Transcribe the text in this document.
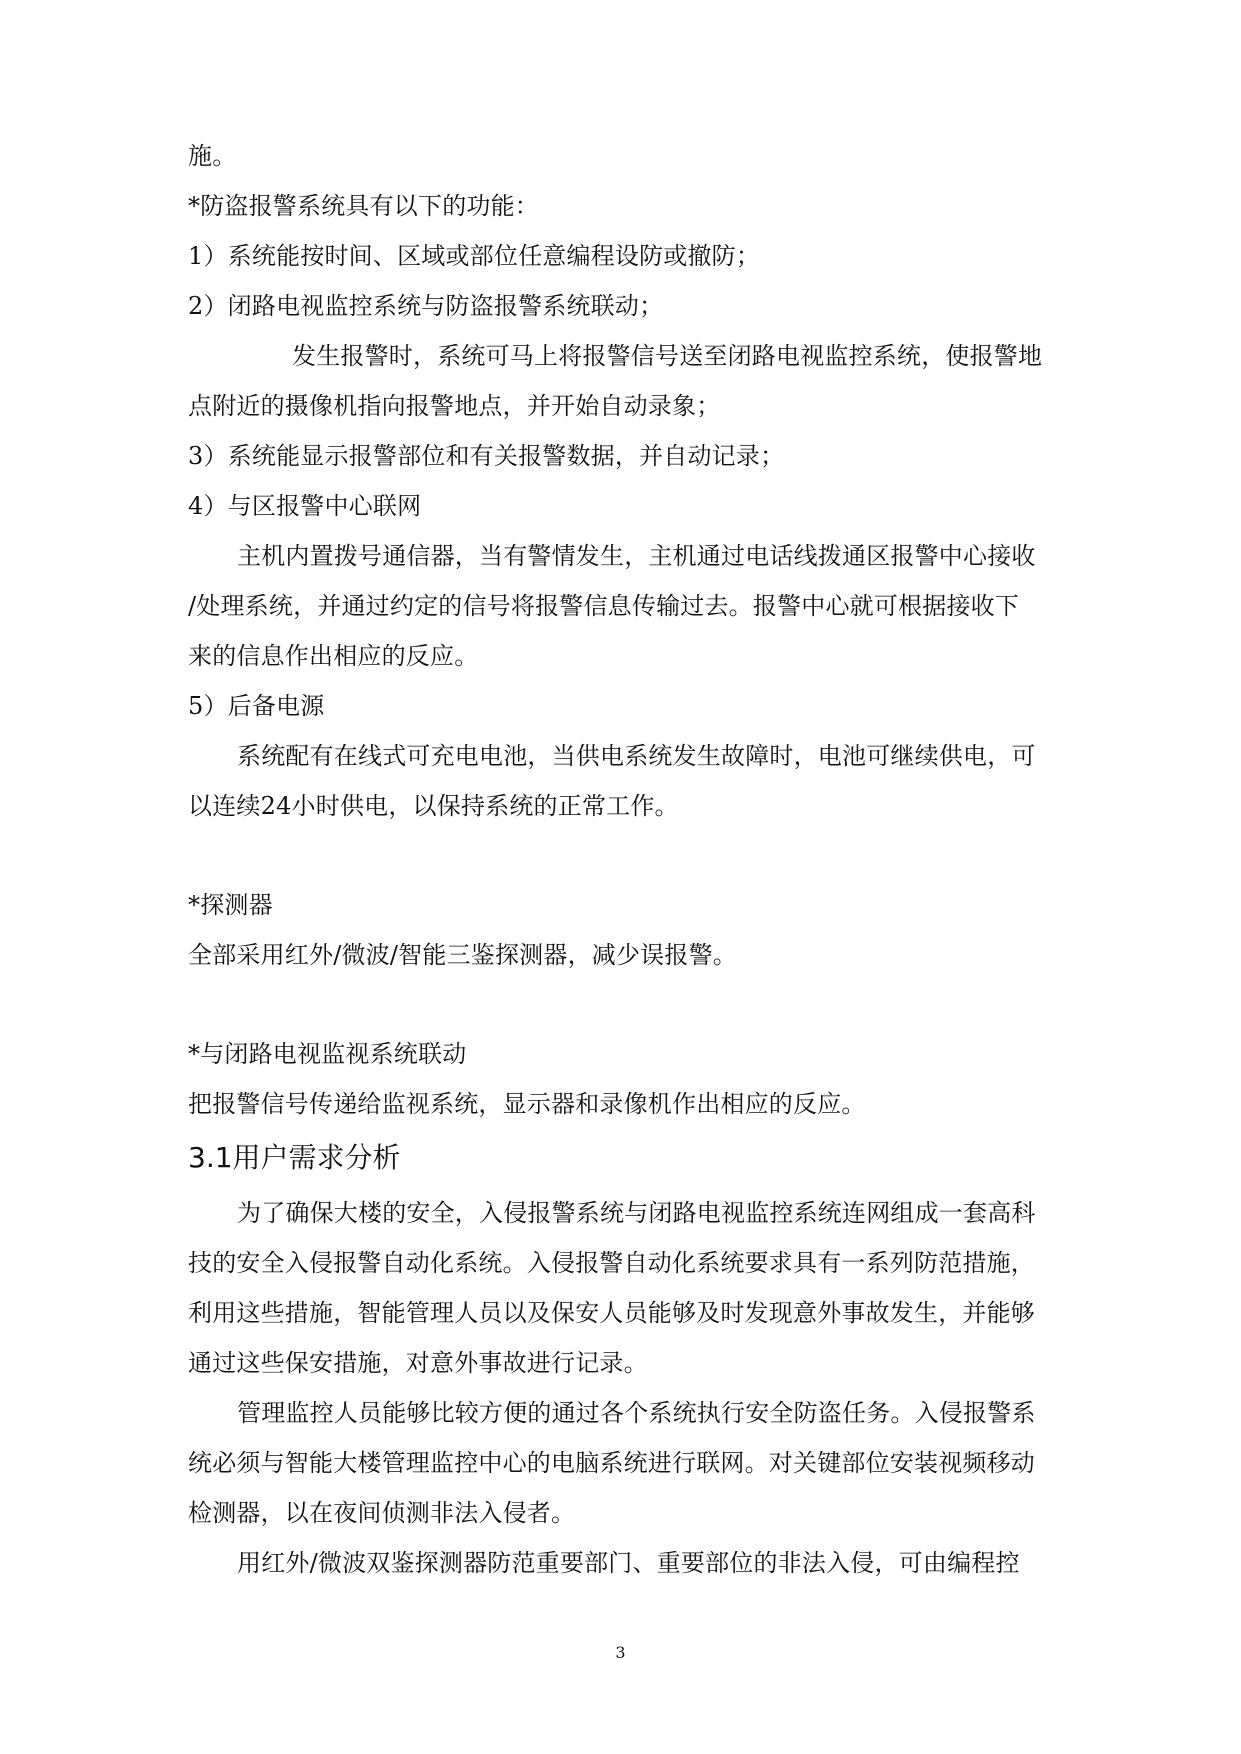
施。
*防盗报警系统具有以下的功能：
1）系统能按时间、区域或部位任意编程设防或撤防；
2）闭路电视监控系统与防盗报警系统联动；
发生报警时，系统可马上将报警信号送至闭路电视监控系统，使报警地
点附近的摄像机指向报警地点，并开始自动录象；
3）系统能显示报警部位和有关报警数据，并自动记录；
4）与区报警中心联网
主机内置拨号通信器，当有警情发生，主机通过电话线拨通区报警中心接收
/处理系统，并通过约定的信号将报警信息传输过去。报警中心就可根据接收下
来的信息作出相应的反应。
5）后备电源
系统配有在线式可充电电池，当供电系统发生故障时，电池可继续供电，可
以连续24小时供电，以保持系统的正常工作。
*探测器
全部采用红外/微波/智能三鉴探测器，减少误报警。
*与闭路电视监视系统联动
把报警信号传递给监视系统，显示器和录像机作出相应的反应。
3.1用户需求分析
为了确保大楼的安全，入侵报警系统与闭路电视监控系统连网组成一套高科
技的安全入侵报警自动化系统。入侵报警自动化系统要求具有一系列防范措施，
利用这些措施，智能管理人员以及保安人员能够及时发现意外事故发生，并能够
通过这些保安措施，对意外事故进行记录。
管理监控人员能够比较方便的通过各个系统执行安全防盗任务。入侵报警系
统必须与智能大楼管理监控中心的电脑系统进行联网。对关键部位安装视频移动
检测器，以在夜间侦测非法入侵者。
用红外/微波双鉴探测器防范重要部门、重要部位的非法入侵，可由编程控
3
